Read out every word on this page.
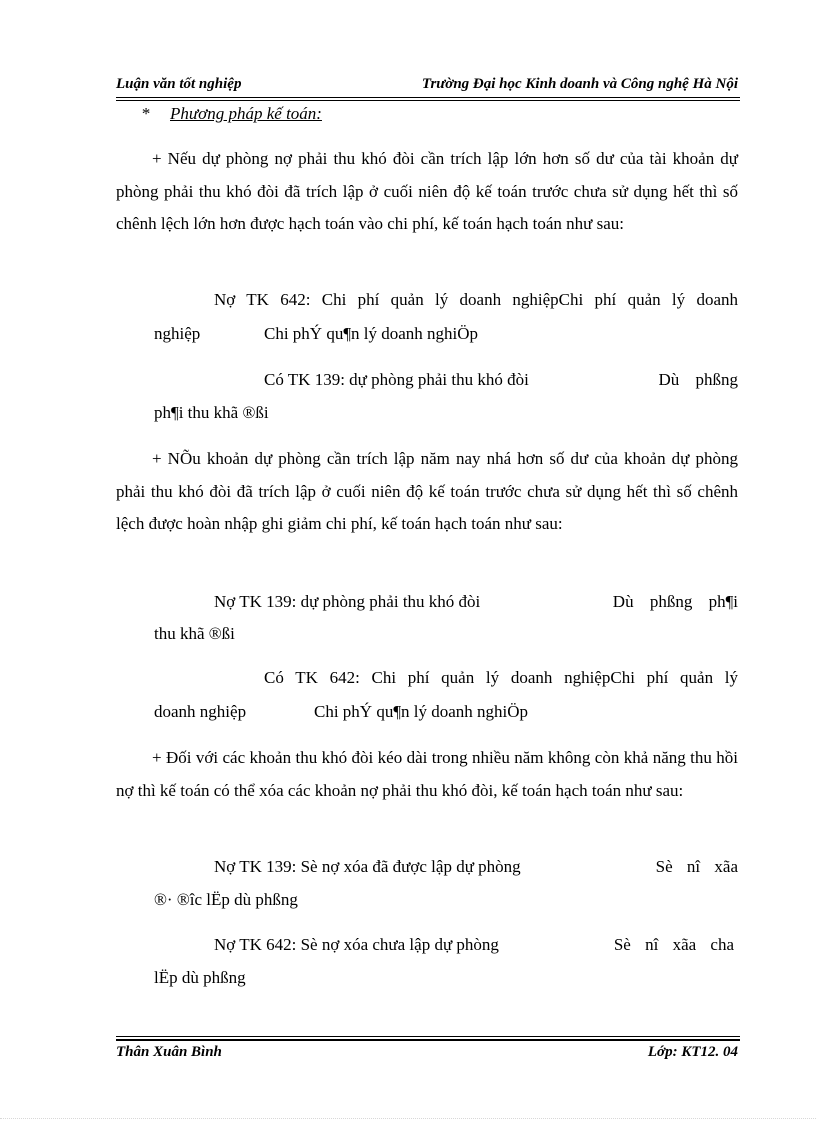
Luận văn tốt nghiệp	Trường Đại học Kinh doanh và Công nghệ Hà Nội
* Phương pháp kế toán:
+ Nếu dự phòng nợ phải thu khó đòi cần trích lập lớn hơn số dư của tài khoản dự phòng phải thu khó đòi đã trích lập ở cuối niên độ kế toán trước chưa sử dụng hết thì số chênh lệch lớn hơn được hạch toán vào chi phí, kế toán hạch toán như sau:
Nợ TK 642: Chi phí quản lý doanh nghiệpChi phí quản lý doanh
nghiệp	Chi phÝ qu¶n lý doanh nghiÖp
Có TK 139: dự phòng phải thu khó đòi	Dù phßng
ph¶i thu khã ®ßi
+ NÕu khoản dự phòng cần trích lập năm nay nhá hơn số dư của khoản dự phòng phải thu khó đòi đã trích lập ở cuối niên độ kế toán trước chưa sử dụng hết thì số chênh lệch được hoàn nhập ghi giảm chi phí, kế toán hạch toán như sau:
Nợ TK 139: dự phòng phải thu khó đòi	Dù phßng ph¶i
thu khã ®ßi
Có TK 642: Chi phí quản lý doanh nghiệpChi phí quản lý
doanh nghiệp	Chi phÝ qu¶n lý doanh nghiÖp
+ Đối với các khoản thu khó đòi kéo dài trong nhiều năm không còn khả năng thu hồi nợ thì kế toán có thể xóa các khoản nợ phải thu khó đòi, kế toán hạch toán như sau:
Nợ TK 139: Sè nợ xóa đã được lập dự phòng	Sè nî xãa
®· ®îc lËp dù phßng
Nợ TK 642: Sè nợ xóa chưa lập dự phòng	Sè nî xãa cha
lËp dù phßng
Thân Xuân Bình	Lớp: KT12. 04
